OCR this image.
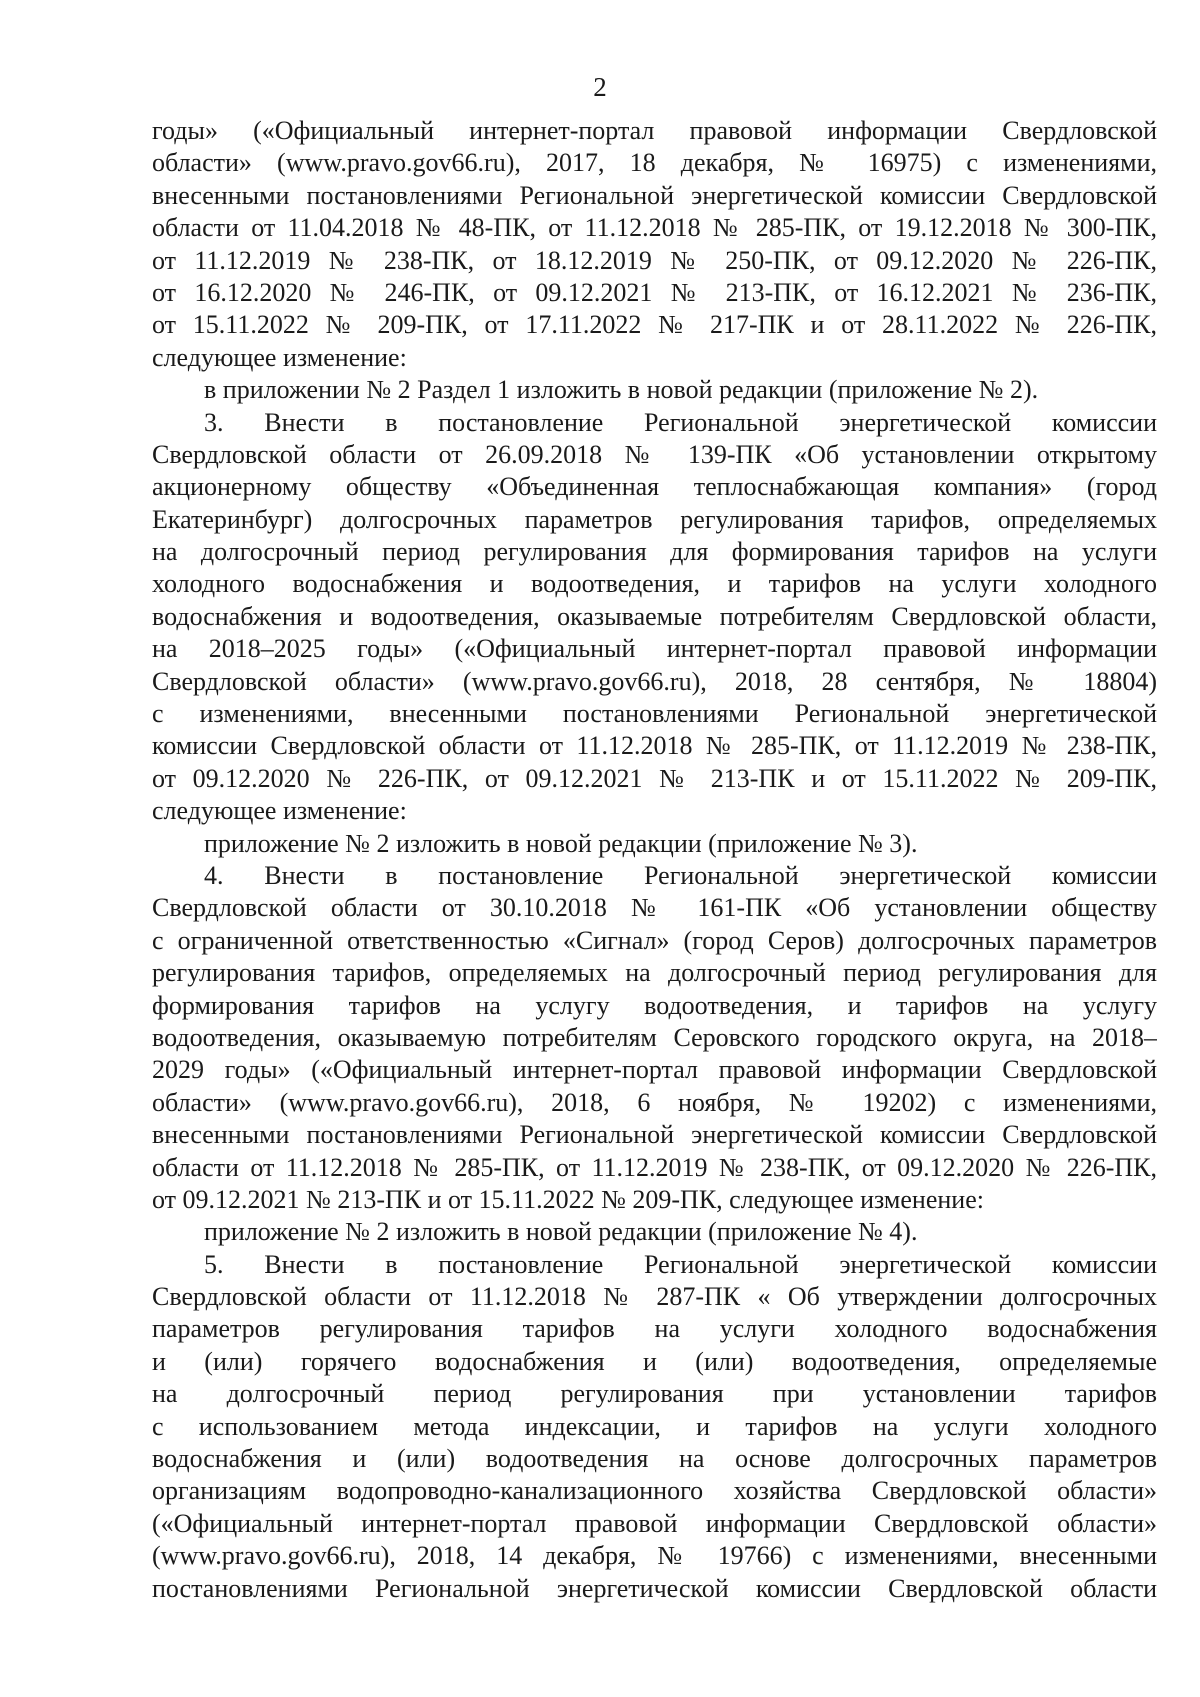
2
годы» («Официальный интернет-портал правовой информации Свердловской
области» (www.pravo.gov66.ru), 2017, 18 декабря, № 16975) с изменениями,
внесенными постановлениями Региональной энергетической комиссии Свердловской
области от 11.04.2018 № 48-ПК, от 11.12.2018 № 285-ПК, от 19.12.2018 № 300-ПК,
от 11.12.2019 № 238-ПК, от 18.12.2019 № 250-ПК, от 09.12.2020 № 226-ПК,
от 16.12.2020 № 246-ПК, от 09.12.2021 № 213-ПК, от 16.12.2021 № 236-ПК,
от 15.11.2022 № 209-ПК, от 17.11.2022 № 217-ПК и от 28.11.2022 № 226-ПК,
следующее изменение:
в приложении № 2 Раздел 1 изложить в новой редакции (приложение № 2).
3. Внести в постановление Региональной энергетической комиссии
Свердловской области от 26.09.2018 № 139-ПК «Об установлении открытому
акционерному обществу «Объединенная теплоснабжающая компания» (город
Екатеринбург) долгосрочных параметров регулирования тарифов, определяемых
на долгосрочный период регулирования для формирования тарифов на услуги
холодного водоснабжения и водоотведения, и тарифов на услуги холодного
водоснабжения и водоотведения, оказываемые потребителям Свердловской области,
на 2018–2025 годы» («Официальный интернет-портал правовой информации
Свердловской области» (www.pravo.gov66.ru), 2018, 28 сентября, № 18804)
с изменениями, внесенными постановлениями Региональной энергетической
комиссии Свердловской области от 11.12.2018 № 285-ПК, от 11.12.2019 № 238-ПК,
от 09.12.2020 № 226-ПК, от 09.12.2021 № 213-ПК и от 15.11.2022 № 209-ПК,
следующее изменение:
приложение № 2 изложить в новой редакции (приложение № 3).
4. Внести в постановление Региональной энергетической комиссии
Свердловской области от 30.10.2018 № 161-ПК «Об установлении обществу
с ограниченной ответственностью «Сигнал» (город Серов) долгосрочных параметров
регулирования тарифов, определяемых на долгосрочный период регулирования для
формирования тарифов на услугу водоотведения, и тарифов на услугу
водоотведения, оказываемую потребителям Серовского городского округа, на 2018–
2029 годы» («Официальный интернет-портал правовой информации Свердловской
области» (www.pravo.gov66.ru), 2018, 6 ноября, № 19202) с изменениями,
внесенными постановлениями Региональной энергетической комиссии Свердловской
области от 11.12.2018 № 285-ПК, от 11.12.2019 № 238-ПК, от 09.12.2020 № 226-ПК,
от 09.12.2021 № 213-ПК и от 15.11.2022 № 209-ПК, следующее изменение:
приложение № 2 изложить в новой редакции (приложение № 4).
5. Внести в постановление Региональной энергетической комиссии
Свердловской области от 11.12.2018 № 287-ПК « Об утверждении долгосрочных
параметров регулирования тарифов на услуги холодного водоснабжения
и (или) горячего водоснабжения и (или) водоотведения, определяемые
на долгосрочный период регулирования при установлении тарифов
с использованием метода индексации, и тарифов на услуги холодного
водоснабжения и (или) водоотведения на основе долгосрочных параметров
организациям водопроводно-канализационного хозяйства Свердловской области»
(«Официальный интернет-портал правовой информации Свердловской области»
(www.pravo.gov66.ru), 2018, 14 декабря, № 19766) с изменениями, внесенными
постановлениями Региональной энергетической комиссии Свердловской области
